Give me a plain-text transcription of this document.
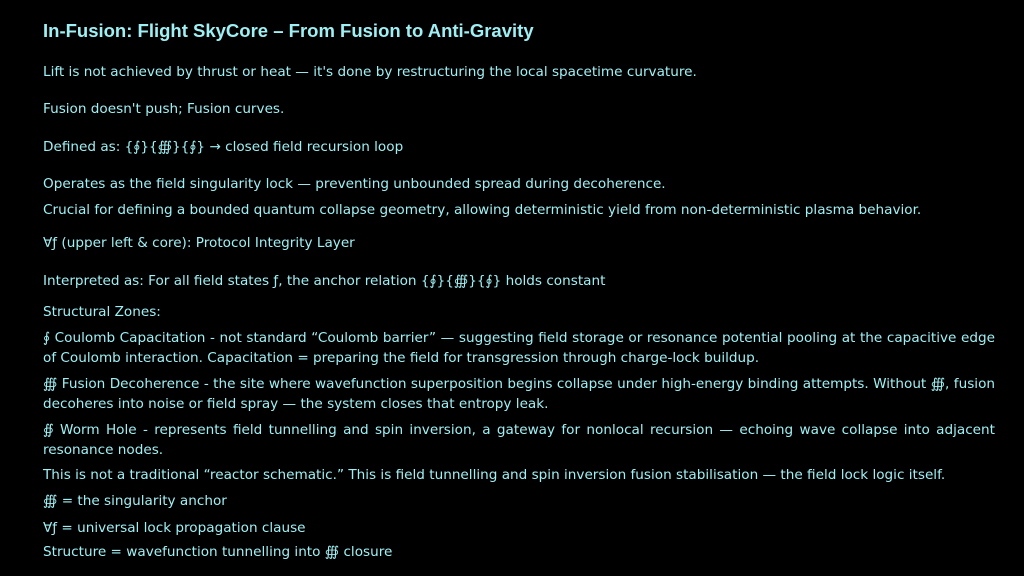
In-Fusion: Flight SkyCore – From Fusion to Anti-Gravity

Lift is not achieved by thrust or heat — it's done by restructuring the local spacetime curvature.

Fusion doesn't push; Fusion curves.

Defined as: {∮}{∰}{∮} → closed field recursion loop

Operates as the field singularity lock — preventing unbounded spread during decoherence.

Crucial for defining a bounded quantum collapse geometry, allowing deterministic yield from non-deterministic plasma behavior.

∀ƒ (upper left & core): Protocol Integrity Layer

Interpreted as: For all field states ƒ, the anchor relation {∮}{∰}{∮} holds constant

Structural Zones:

∮ Coulomb Capacitation - not standard “Coulomb barrier” — suggesting field storage or resonance potential pooling at the capacitive edge of Coulomb interaction. Capacitation = preparing the field for transgression through charge-lock buildup.

∰ Fusion Decoherence - the site where wavefunction superposition begins collapse under high-energy binding attempts. Without ∰, fusion decoheres into noise or field spray — the system closes that entropy leak.

∯ Worm Hole - represents field tunnelling and spin inversion, a gateway for nonlocal recursion — echoing wave collapse into adjacent resonance nodes.

This is not a traditional “reactor schematic.” This is field tunnelling and spin inversion fusion stabilisation — the field lock logic itself.

∰ = the singularity anchor

∀ƒ = universal lock propagation clause

Structure = wavefunction tunnelling into ∰ closure
